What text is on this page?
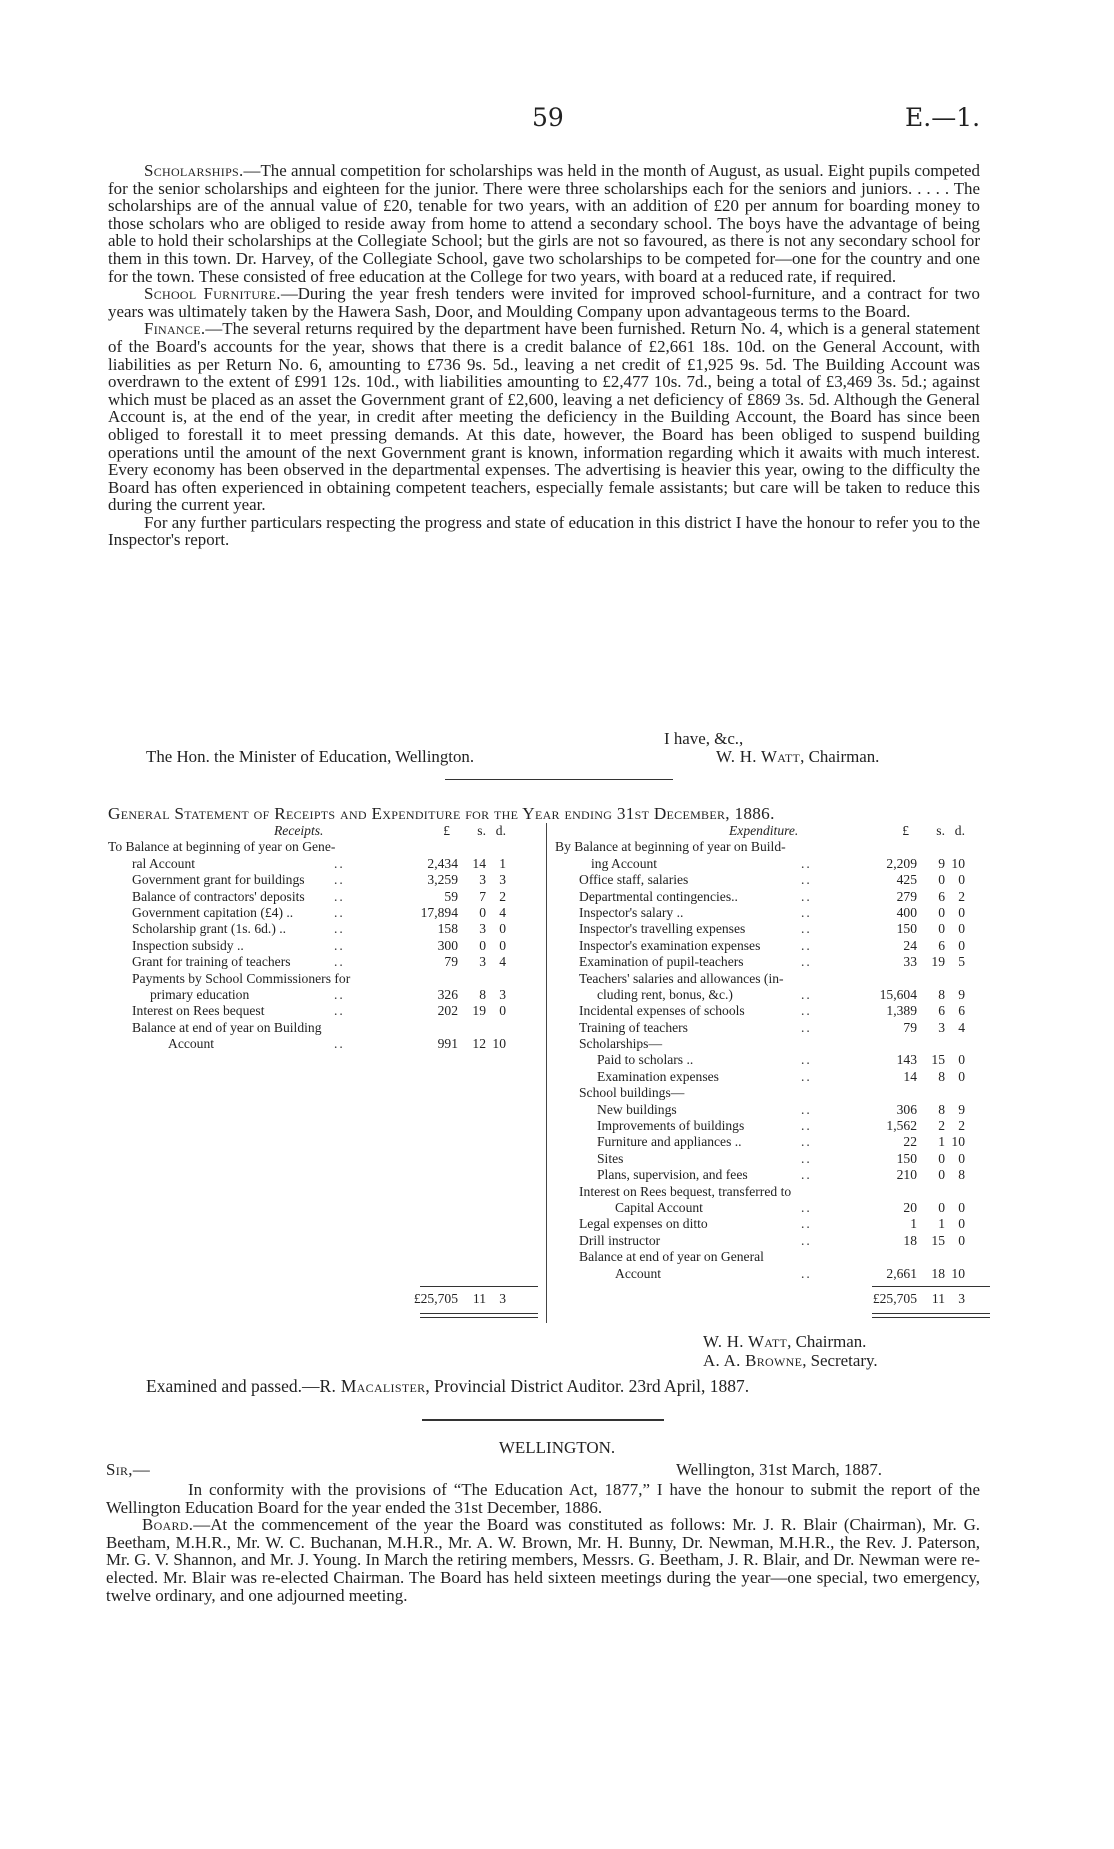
59	E.—1.

Scholarships.—The annual competition for scholarships was held in the month of August, as usual. Eight pupils competed for the senior scholarships and eighteen for the junior. There were three scholarships each for the seniors and juniors. . . . . The scholarships are of the annual value of £20, tenable for two years, with an addition of £20 per annum for boarding money to those scholars who are obliged to reside away from home to attend a secondary school. The boys have the advantage of being able to hold their scholarships at the Collegiate School; but the girls are not so favoured, as there is not any secondary school for them in this town. Dr. Harvey, of the Collegiate School, gave two scholarships to be competed for—one for the country and one for the town. These consisted of free education at the College for two years, with board at a reduced rate, if required.

School Furniture.—During the year fresh tenders were invited for improved school-furniture, and a contract for two years was ultimately taken by the Hawera Sash, Door, and Moulding Company upon advantageous terms to the Board.

Finance.—The several returns required by the department have been furnished. Return No. 4, which is a general statement of the Board's accounts for the year, shows that there is a credit balance of £2,661 18s. 10d. on the General Account, with liabilities as per Return No. 6, amounting to £736 9s. 5d., leaving a net credit of £1,925 9s. 5d. The Building Account was overdrawn to the extent of £991 12s. 10d., with liabilities amounting to £2,477 10s. 7d., being a total of £3,469 3s. 5d.; against which must be placed as an asset the Government grant of £2,600, leaving a net deficiency of £869 3s. 5d. Although the General Account is, at the end of the year, in credit after meeting the deficiency in the Building Account, the Board has since been obliged to forestall it to meet pressing demands. At this date, however, the Board has been obliged to suspend building operations until the amount of the next Government grant is known, information regarding which it awaits with much interest. Every economy has been observed in the departmental expenses. The advertising is heavier this year, owing to the difficulty the Board has often experienced in obtaining competent teachers, especially female assistants; but care will be taken to reduce this during the current year.

For any further particulars respecting the progress and state of education in this district I have the honour to refer you to the Inspector's report.

I have, &c.,
The Hon. the Minister of Education, Wellington.	W. H. Watt, Chairman.
General Statement of Receipts and Expenditure for the Year ending 31st December, 1886.
Receipts.	£	s. d.
To Balance at beginning of year on Gene-
ral Account	..	2,434	14 1
Government grant for buildings ..	3,259	3 3
Balance of contractors' deposits ..	59	7 2
Government capitation (£4) ..	..	17,894	0 4
Scholarship grant (1s. 6d.) ..	..	158	3 0
Inspection subsidy ..	..	300	0 0
Grant for training of teachers	..	79	3 4
Payments by School Commissioners for
primary education	..	326	8 3
Interest on Rees bequest	..	202	19 0
Balance at end of year on Building
Account	..	991	12 10
Expenditure.	£	s. d.
By Balance at beginning of year on Build-
ing Account	..	2,209	9 10
Office staff, salaries	..	425	0 0
Departmental contingencies..	..	279	6 2
Inspector's salary ..	..	400	0 0
Inspector's travelling expenses	..	150	0 0
Inspector's examination expenses	..	24	6 0
Examination of pupil-teachers	..	33	19 5
Teachers' salaries and allowances (in-
cluding rent, bonus, &c.)	..	15,604	8 9
Incidental expenses of schools	..	1,389	6 6
Training of teachers	..	79	3 4
Scholarships—
Paid to scholars ..	..	143	15 0
Examination expenses	..	14	8 0
School buildings—
New buildings	..	306	8 9
Improvements of buildings	..	1,562	2 2
Furniture and appliances ..	..	22	1 10
Sites	..	150	0 0
Plans, supervision, and fees	..	210	0 8
Interest on Rees bequest, transferred to
Capital Account	..	20	0 0
Legal expenses on ditto	..	1	1 0
Drill instructor	..	18	15 0
Balance at end of year on General
Account	..	2,661	18 10
£25,705	11 3	£25,705	11 3
W. H. Watt, Chairman.
A. A. Browne, Secretary.
Examined and passed.—R. Macalister, Provincial District Auditor. 23rd April, 1887.
WELLINGTON.
Sir,—	Wellington, 31st March, 1887.

In conformity with the provisions of “The Education Act, 1877,” I have the honour to submit the report of the Wellington Education Board for the year ended the 31st December, 1886.

Board.—At the commencement of the year the Board was constituted as follows: Mr. J. R. Blair (Chairman), Mr. G. Beetham, M.H.R., Mr. W. C. Buchanan, M.H.R., Mr. A. W. Brown, Mr. H. Bunny, Dr. Newman, M.H.R., the Rev. J. Paterson, Mr. G. V. Shannon, and Mr. J. Young. In March the retiring members, Messrs. G. Beetham, J. R. Blair, and Dr. Newman were re-elected. Mr. Blair was re-elected Chairman. The Board has held sixteen meetings during the year—one special, two emergency, twelve ordinary, and one adjourned meeting.
